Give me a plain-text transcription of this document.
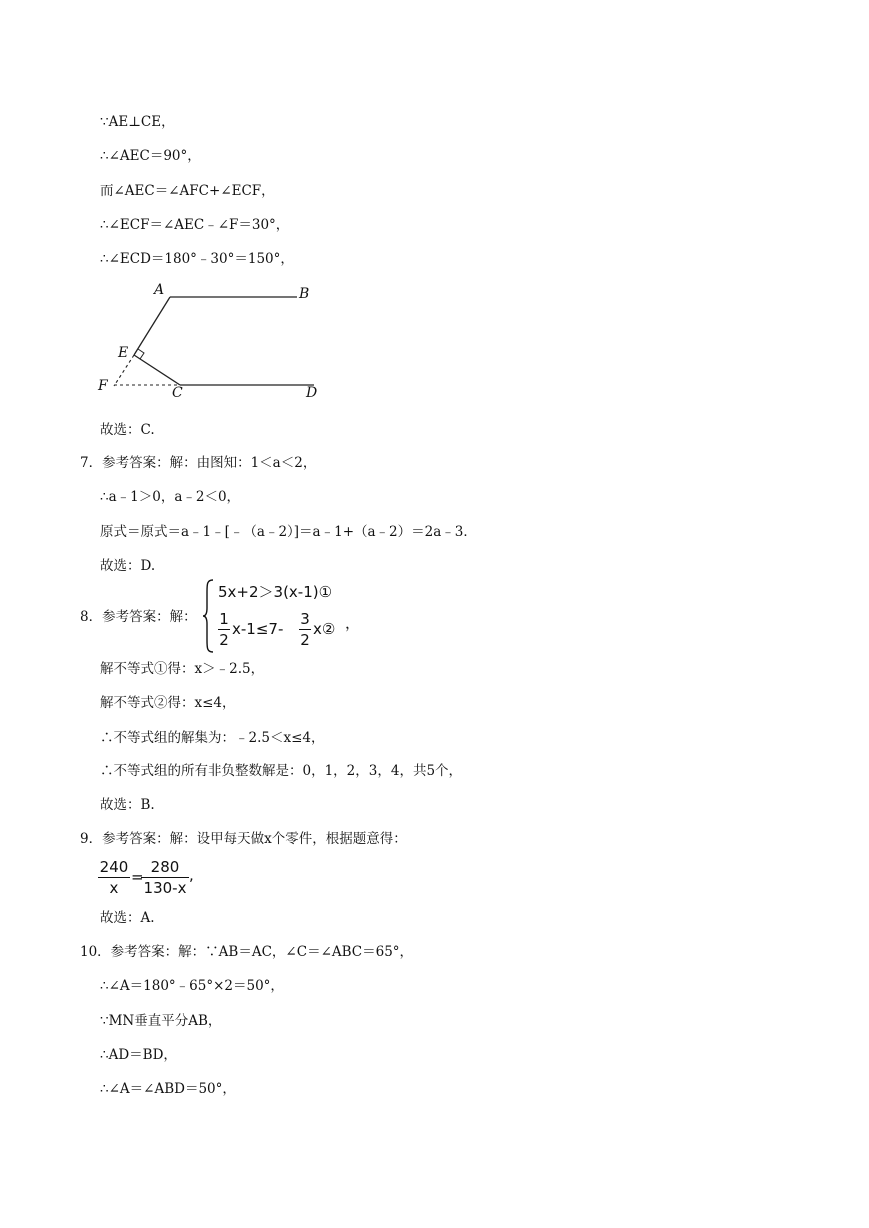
∵AE⊥CE，
∴∠AEC＝90°，
而∠AEC＝∠AFC+∠ECF，
∴∠ECF＝∠AEC﹣∠F＝30°，
∴∠ECD＝180°﹣30°＝150°，
A	B
E
F	C	D
故选：C.
7．参考答案：解：由图知：1＜a＜2，
∴a﹣1＞0，a﹣2＜0，
原式＝原式＝a﹣1﹣[﹣（a﹣2）]＝a﹣1+（a﹣2）＝2a﹣3．
故选：D.
8．参考答案：解：
5x+2＞3(x-1)①
1
2
x-1≤7-
3
2
x② ，
解不等式①得：x＞﹣2.5，
解不等式②得：x≤4，
∴不等式组的解集为：﹣2.5＜x≤4，
∴不等式组的所有非负整数解是：0，1，2，3，4，共5个，
故选：B.
9．参考答案：解：设甲每天做x个零件，根据题意得：
240
x
=
280
130-x
,
故选：A.
10．参考答案：解：∵AB＝AC，∠C＝∠ABC＝65°，
∴∠A＝180°﹣65°×2＝50°，
∵MN垂直平分AB，
∴AD＝BD，
∴∠A＝∠ABD＝50°，
